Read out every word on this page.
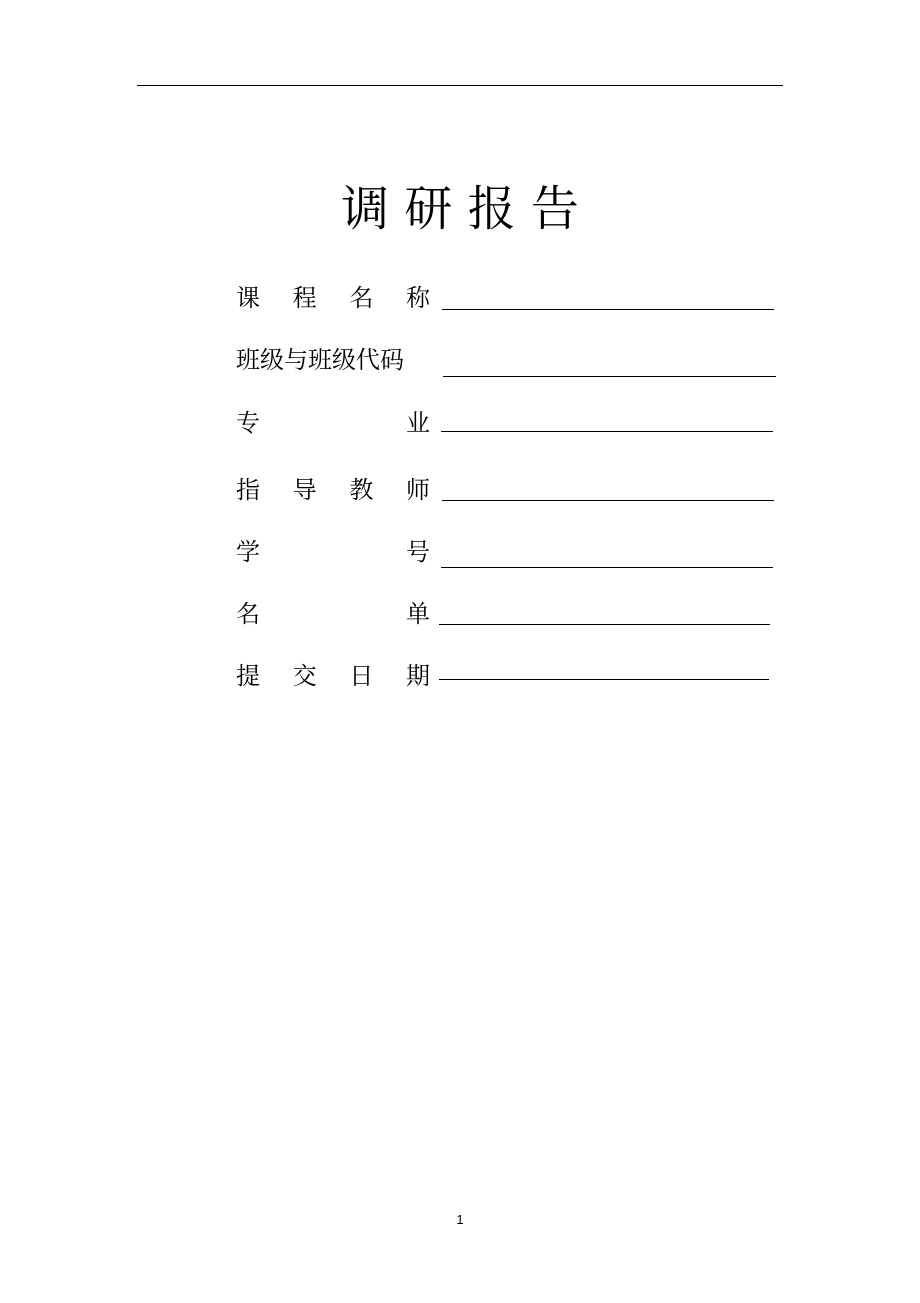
调 研 报 告
课 程 名 称
班级与班级代码
专	业
指 导 教 师
学	号
名	单
提 交 日 期
1
